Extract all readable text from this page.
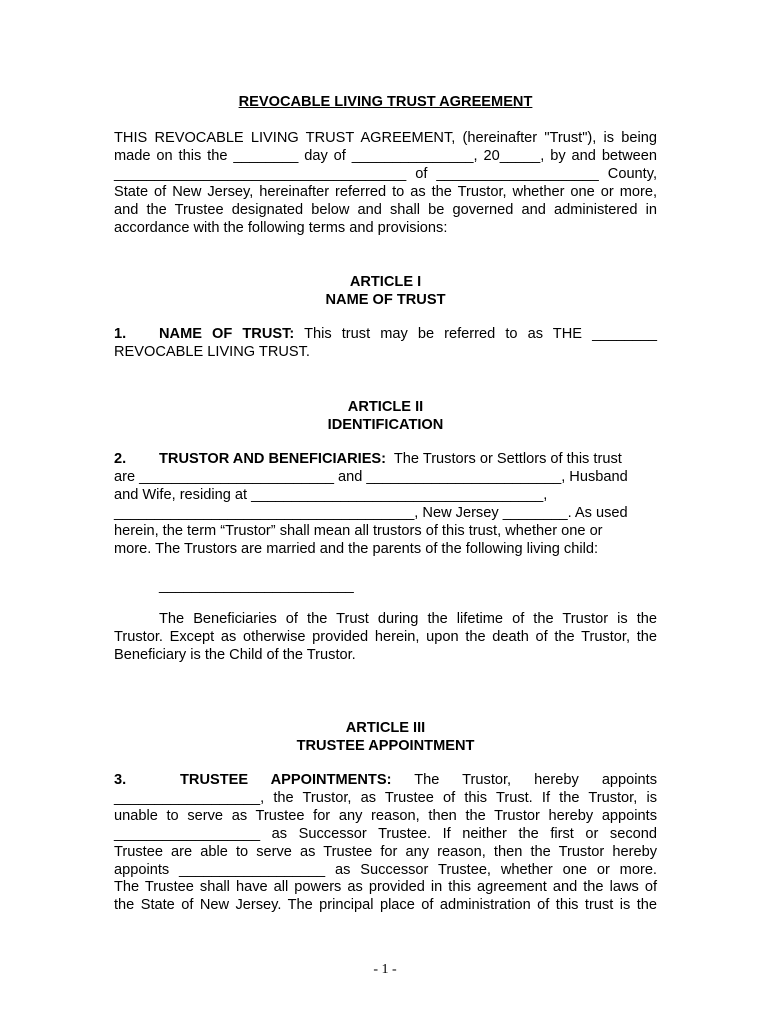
REVOCABLE LIVING TRUST AGREEMENT
THIS REVOCABLE LIVING TRUST AGREEMENT, (hereinafter "Trust"), is being
made on this the ________ day of _______________, 20_____, by and between
____________________________________ of ____________________ County,
State of New Jersey, hereinafter referred to as the Trustor, whether one or more,
and the Trustee designated below and shall be governed and administered in
accordance with the following terms and provisions:
ARTICLE I
NAME OF TRUST
1. NAME OF TRUST: This trust may be referred to as THE ________
REVOCABLE LIVING TRUST.
ARTICLE II
IDENTIFICATION
2. TRUSTOR AND BENEFICIARIES: The Trustors or Settlors of this trust
are ________________________ and ________________________, Husband
and Wife, residing at ____________________________________,
_____________________________________, New Jersey ________. As used
herein, the term “Trustor” shall mean all trustors of this trust, whether one or
more. The Trustors are married and the parents of the following living child:
________________________
The Beneficiaries of the Trust during the lifetime of the Trustor is the
Trustor. Except as otherwise provided herein, upon the death of the Trustor, the
Beneficiary is the Child of the Trustor.
ARTICLE III
TRUSTEE APPOINTMENT
3.	TRUSTEE APPOINTMENTS: The Trustor, hereby appoints
__________________, the Trustor, as Trustee of this Trust. If the Trustor, is
unable to serve as Trustee for any reason, then the Trustor hereby appoints
__________________ as Successor Trustee. If neither the first or second
Trustee are able to serve as Trustee for any reason, then the Trustor hereby
appoints __________________ as Successor Trustee, whether one or more.
The Trustee shall have all powers as provided in this agreement and the laws of
the State of New Jersey. The principal place of administration of this trust is the
- 1 -
